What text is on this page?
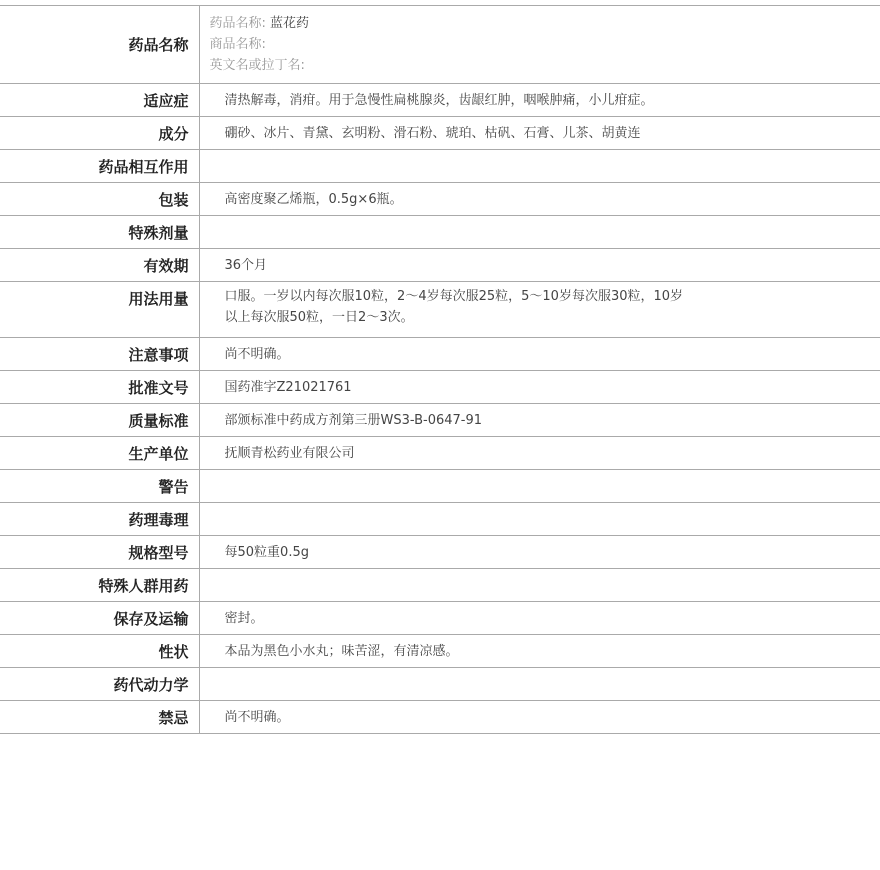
药品名称	药品名称: 蓝花药
商品名称:
英文名或拉丁名:

适应症	清热解毒，消疳。用于急慢性扁桃腺炎，齿龈红肿，咽喉肿痛，小儿疳症。
成分	硼砂、冰片、青黛、玄明粉、滑石粉、琥珀、枯矾、石膏、儿茶、胡黄连
药品相互作用	
包装	高密度聚乙烯瓶，0.5g×6瓶。
特殊剂量	
有效期	36个月
用法用量	口服。一岁以内每次服10粒，2～4岁每次服25粒，5～10岁每次服30粒，10岁
以上每次服50粒，一日2～3次。
注意事项	尚不明确。
批准文号	国药准字Z21021761
质量标准	部颁标准中药成方剂第三册WS3-B-0647-91
生产单位	抚顺青松药业有限公司
警告	
药理毒理	
规格型号	每50粒重0.5g
特殊人群用药	
保存及运输	密封。
性状	本品为黑色小水丸；味苦涩，有清凉感。
药代动力学	
禁忌	尚不明确。
